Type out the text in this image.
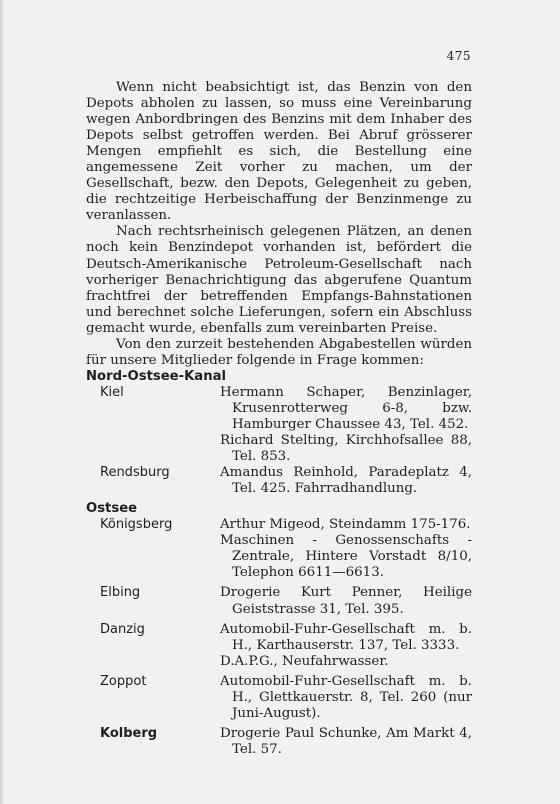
475

Wenn nicht beabsichtigt ist, das Benzin von den Depots abholen zu lassen, so muss eine Vereinbarung wegen Anbordbringen des Benzins mit dem Inhaber des Depots selbst getroffen werden. Bei Abruf grösserer Mengen empfiehlt es sich, die Bestellung eine angemessene Zeit vorher zu machen, um der Gesellschaft, bezw. den Depots, Gelegenheit zu geben, die rechtzeitige Herbeischaffung der Benzinmenge zu veranlassen.

Nach rechtsrheinisch gelegenen Plätzen, an denen noch kein Benzindepot vorhanden ist, befördert die Deutsch-Amerikanische Petroleum-Gesellschaft nach vorheriger Benachrichtigung das abgerufene Quantum frachtfrei der betreffenden Empfangs-Bahnstationen und berechnet solche Lieferungen, sofern ein Abschluss gemacht wurde, ebenfalls zum vereinbarten Preise.

Von den zurzeit bestehenden Abgabestellen würden für unsere Mitglieder folgende in Frage kommen:

Nord-Ostsee-Kanal

Kiel	Hermann Schaper, Benzinlager, Krusenrotterweg 6-8, bzw. Hamburger Chaussee 43, Tel. 452.

Richard Stelting, Kirchhofsallee 88, Tel. 853.

Rendsburg	Amandus Reinhold, Paradeplatz 4, Tel. 425. Fahrradhandlung.

Ostsee

Königsberg	Arthur Migeod, Steindamm 175-176.

Maschinen - Genossenschafts - Zentrale, Hintere Vorstadt 8/10, Telephon 6611—6613.

Elbing	Drogerie Kurt Penner, Heilige Geiststrasse 31, Tel. 395.

Danzig	Automobil-Fuhr-Gesellschaft m. b. H., Karthauserstr. 137, Tel. 3333.

D.A.P.G., Neufahrwasser.

Zoppot	Automobil-Fuhr-Gesellschaft m. b. H., Glettkauerstr. 8, Tel. 260 (nur Juni-August).

Kolberg	Drogerie Paul Schunke, Am Markt 4, Tel. 57.
